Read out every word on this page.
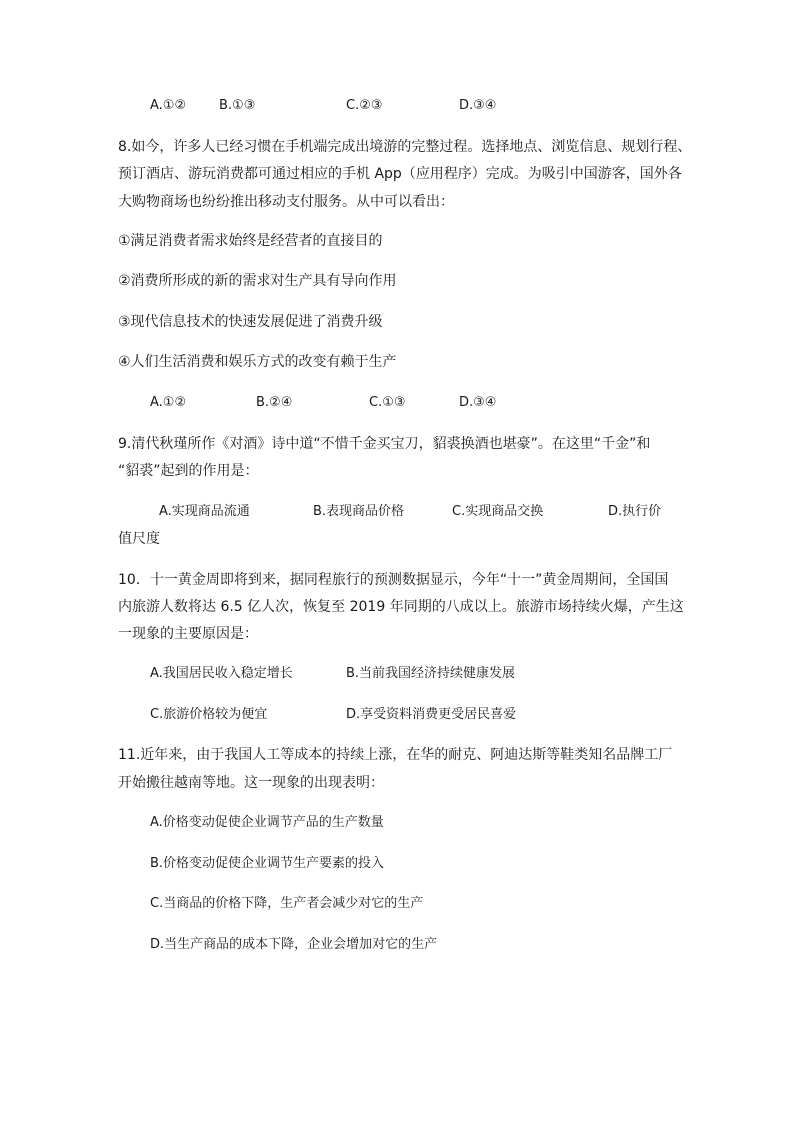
A.①②	B.①③	C.②③	D.③④
8.如今，许多人已经习惯在手机端完成出境游的完整过程。选择地点、浏览信息、规划行程、
预订酒店、游玩消费都可通过相应的手机 App（应用程序）完成。为吸引中国游客，国外各
大购物商场也纷纷推出移动支付服务。从中可以看出：
①满足消费者需求始终是经营者的直接目的
②消费所形成的新的需求对生产具有导向作用
③现代信息技术的快速发展促进了消费升级
④人们生活消费和娱乐方式的改变有赖于生产
A.①②	B.②④	C.①③	D.③④
9.清代秋瑾所作《对酒》诗中道“不惜千金买宝刀，貂裘换酒也堪豪”。在这里“千金”和
“貂裘”起到的作用是：
A.实现商品流通	B.表现商品价格	C.实现商品交换	D.执行价
值尺度
10．十一黄金周即将到来，据同程旅行的预测数据显示，今年“十一”黄金周期间，全国国
内旅游人数将达 6.5 亿人次，恢复至 2019 年同期的八成以上。旅游市场持续火爆，产生这
一现象的主要原因是：
A.我国居民收入稳定增长	B.当前我国经济持续健康发展
C.旅游价格较为便宜	D.享受资料消费更受居民喜爱
11.近年来，由于我国人工等成本的持续上涨，在华的耐克、阿迪达斯等鞋类知名品牌工厂
开始搬往越南等地。这一现象的出现表明：
A.价格变动促使企业调节产品的生产数量
B.价格变动促使企业调节生产要素的投入
C.当商品的价格下降，生产者会减少对它的生产
D.当生产商品的成本下降，企业会增加对它的生产
